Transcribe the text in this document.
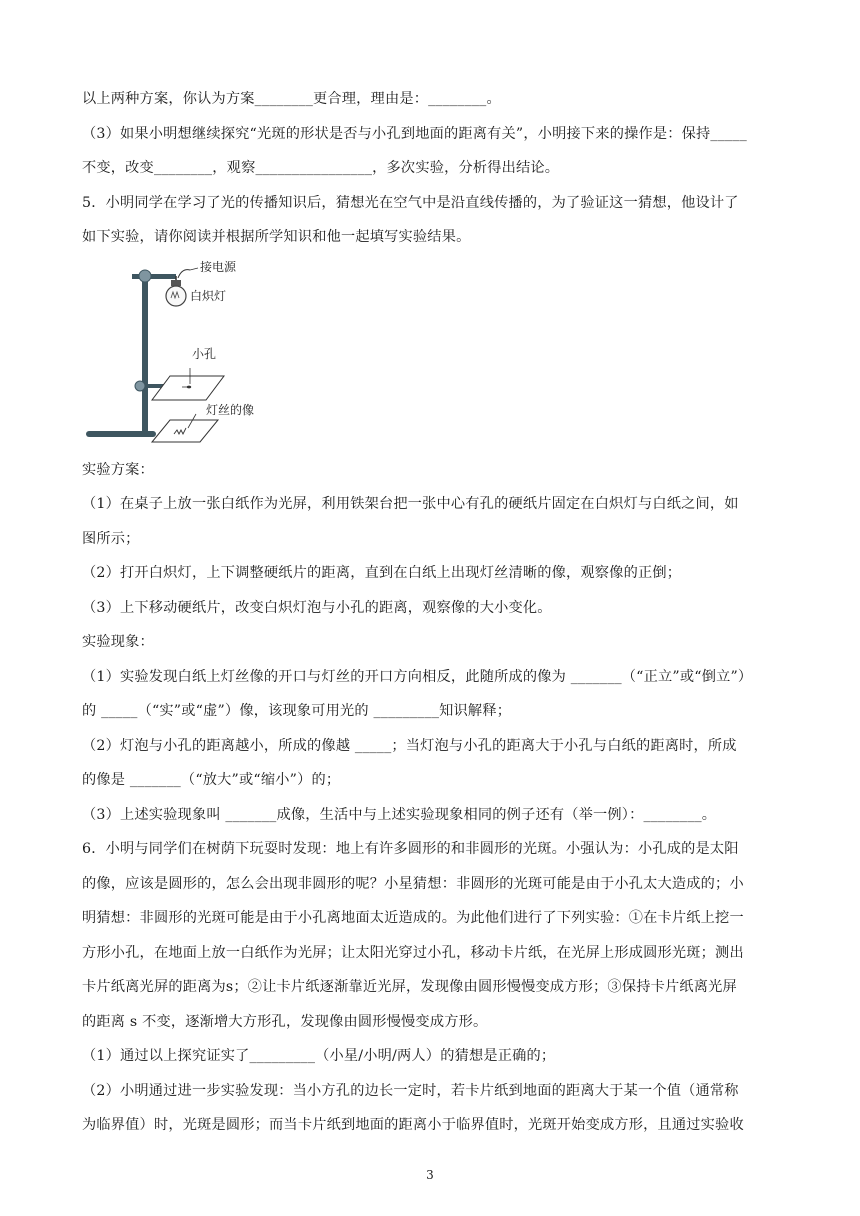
以上两种方案，你认为方案________更合理，理由是：________。
（3）如果小明想继续探究“光斑的形状是否与小孔到地面的距离有关”，小明接下来的操作是：保持_____
不变，改变________，观察________________，多次实验，分析得出结论。
5．小明同学在学习了光的传播知识后，猜想光在空气中是沿直线传播的，为了验证这一猜想，他设计了
如下实验，请你阅读并根据所学知识和他一起填写实验结果。
接电源
白炽灯
小孔
灯丝的像
实验方案：
（1）在桌子上放一张白纸作为光屏，利用铁架台把一张中心有孔的硬纸片固定在白炽灯与白纸之间，如
图所示；
（2）打开白炽灯，上下调整硬纸片的距离，直到在白纸上出现灯丝清晰的像，观察像的正倒；
（3）上下移动硬纸片，改变白炽灯泡与小孔的距离，观察像的大小变化。
实验现象：
（1）实验发现白纸上灯丝像的开口与灯丝的开口方向相反，此随所成的像为 _______（“正立”或“倒立”）
的 _____（“实”或“虚”）像，该现象可用光的 _________知识解释；
（2）灯泡与小孔的距离越小，所成的像越 _____；当灯泡与小孔的距离大于小孔与白纸的距离时，所成
的像是 _______（“放大”或“缩小”）的；
（3）上述实验现象叫 _______成像，生活中与上述实验现象相同的例子还有（举一例）：________。
6．小明与同学们在树荫下玩耍时发现：地上有许多圆形的和非圆形的光斑。小强认为：小孔成的是太阳
的像，应该是圆形的，怎么会出现非圆形的呢？小星猜想：非圆形的光斑可能是由于小孔太大造成的；小
明猜想：非圆形的光斑可能是由于小孔离地面太近造成的。为此他们进行了下列实验：①在卡片纸上挖一
方形小孔，在地面上放一白纸作为光屏；让太阳光穿过小孔，移动卡片纸，在光屏上形成圆形光斑；测出
卡片纸离光屏的距离为s；②让卡片纸逐渐靠近光屏，发现像由圆形慢慢变成方形；③保持卡片纸离光屏
的距离 s 不变，逐渐增大方形孔，发现像由圆形慢慢变成方形。
（1）通过以上探究证实了_________（小星/小明/两人）的猜想是正确的；
（2）小明通过进一步实验发现：当小方孔的边长一定时，若卡片纸到地面的距离大于某一个值（通常称
为临界值）时，光斑是圆形；而当卡片纸到地面的距离小于临界值时，光斑开始变成方形，且通过实验收
3
